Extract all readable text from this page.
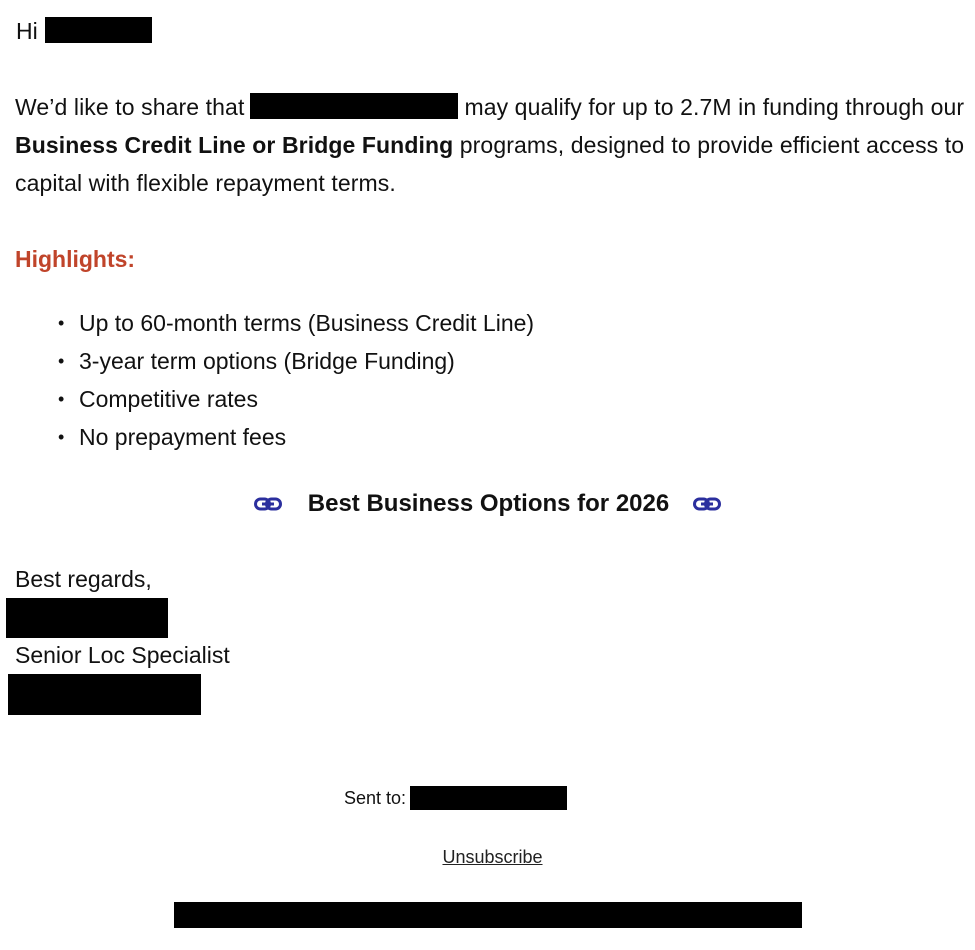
Hi

We’d like to share that	may qualify for up to 2.7M in funding through our Business Credit Line or Bridge Funding programs, designed to provide efficient access to capital with flexible repayment terms.

Highlights:
• Up to 60-month terms (Business Credit Line)
• 3-year term options (Bridge Funding)
• Competitive rates
• No prepayment fees
Best Business Options for 2026
Best regards,
Senior Loc Specialist
Sent to:
Unsubscribe
